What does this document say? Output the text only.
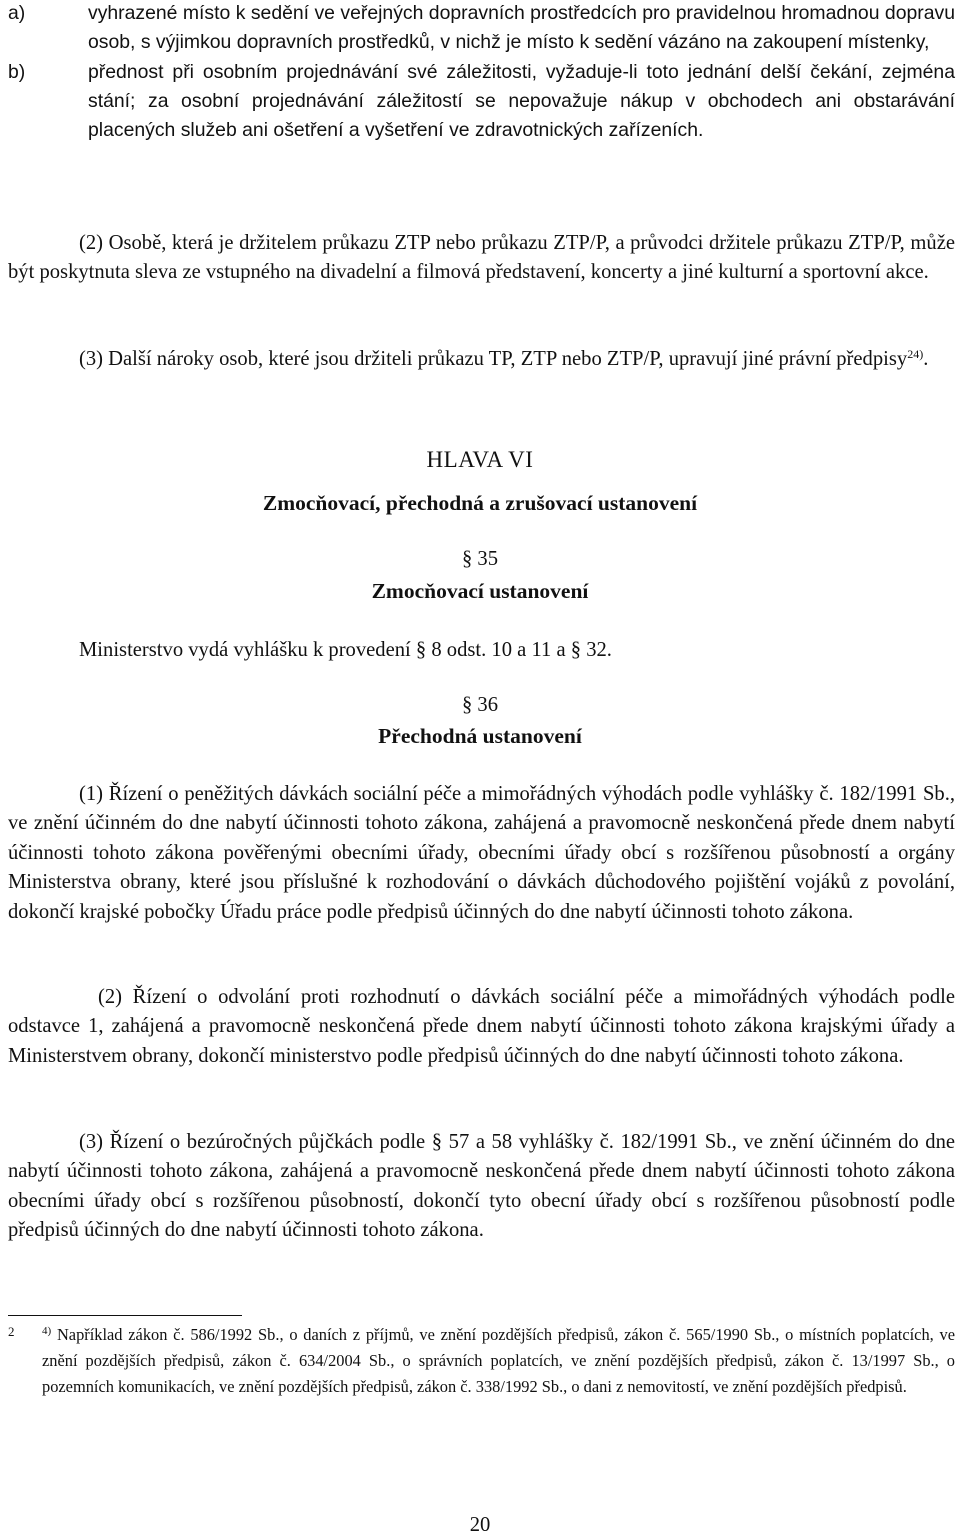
a)	vyhrazené místo k sedění ve veřejných dopravních prostředcích pro pravidelnou hromadnou dopravu osob, s výjimkou dopravních prostředků, v nichž je místo k sedění vázáno na zakoupení místenky,
b)	přednost při osobním projednávání své záležitosti, vyžaduje-li toto jednání delší čekání, zejména stání; za osobní projednávání záležitostí se nepovažuje nákup v obchodech ani obstarávání placených služeb ani ošetření a vyšetření ve zdravotnických zařízeních.
(2) Osobě, která je držitelem průkazu ZTP nebo průkazu ZTP/P, a průvodci držitele průkazu ZTP/P, může být poskytnuta sleva ze vstupného na divadelní a filmová představení, koncerty a jiné kulturní a sportovní akce.
(3) Další nároky osob, které jsou držiteli průkazu TP, ZTP nebo ZTP/P, upravují jiné právní předpisy$^{24)}$.
HLAVA VI
Zmocňovací, přechodná a zrušovací ustanovení
§ 35
Zmocňovací ustanovení
Ministerstvo vydá vyhlášku k provedení § 8 odst. 10 a 11 a § 32.
§ 36
Přechodná ustanovení
(1) Řízení o peněžitých dávkách sociální péče a mimořádných výhodách podle vyhlášky č. 182/1991 Sb., ve znění účinném do dne nabytí účinnosti tohoto zákona, zahájená a pravomocně neskončená přede dnem nabytí účinnosti tohoto zákona pověřenými obecními úřady, obecními úřady obcí s rozšířenou působností a orgány Ministerstva obrany, které jsou příslušné k rozhodování o dávkách důchodového pojištění vojáků z povolání, dokončí krajské pobočky Úřadu práce podle předpisů účinných do dne nabytí účinnosti tohoto zákona.
(2) Řízení o odvolání proti rozhodnutí o dávkách sociální péče a mimořádných výhodách podle odstavce 1, zahájená a pravomocně neskončená přede dnem nabytí účinnosti tohoto zákona krajskými úřady a Ministerstvem obrany, dokončí ministerstvo podle předpisů účinných do dne nabytí účinnosti tohoto zákona.
(3) Řízení o bezúročných půjčkách podle § 57 a 58 vyhlášky č. 182/1991 Sb., ve znění účinném do dne nabytí účinnosti tohoto zákona, zahájená a pravomocně neskončená přede dnem nabytí účinnosti tohoto zákona obecními úřady obcí s rozšířenou působností, dokončí tyto obecní úřady obcí s rozšířenou působností podle předpisů účinných do dne nabytí účinnosti tohoto zákona.
2	$^{4)}$ Například zákon č. 586/1992 Sb., o daních z příjmů, ve znění pozdějších předpisů, zákon č. 565/1990 Sb., o místních poplatcích, ve znění pozdějších předpisů, zákon č. 634/2004 Sb., o správních poplatcích, ve znění pozdějších předpisů, zákon č. 13/1997 Sb., o pozemních komunikacích, ve znění pozdějších předpisů, zákon č. 338/1992 Sb., o dani z nemovitostí, ve znění pozdějších předpisů.
20
